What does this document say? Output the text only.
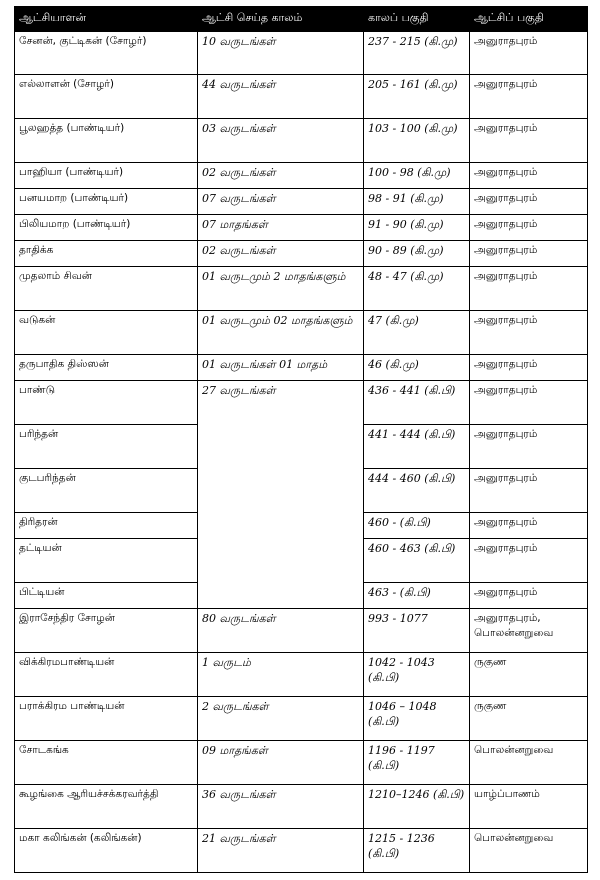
ஆட்சியாளன்	ஆட்சி செய்த காலம்	காலப் பகுதி	ஆட்சிப் பகுதி
சேனன், குட்டிகன் (சோழர்)	10 வருடங்கள்	237 - 215 (கி.மு)	அனுராதபுரம்
எல்லாளன் (சோழர்)	44 வருடங்கள்	205 - 161 (கி.மு)	அனுராதபுரம்
பூலஹத்த (பாண்டியர்)	03 வருடங்கள்	103 - 100 (கி.மு)	அனுராதபுரம்
பாஹியா (பாண்டியர்)	02 வருடங்கள்	100 - 98 (கி.மு)	அனுராதபுரம்
பனயமாற (பாண்டியர்)	07 வருடங்கள்	98 - 91 (கி.மு)	அனுராதபுரம்
பிலியமாற (பாண்டியர்)	07 மாதங்கள்	91 - 90 (கி.மு)	அனுராதபுரம்
தாதிக்க	02 வருடங்கள்	90 - 89 (கி.மு)	அனுராதபுரம்
முதலாம் சிவன்	01 வருடமும் 2 மாதங்களும்	48 - 47 (கி.மு)	அனுராதபுரம்
வடுகன்	01 வருடமும் 02 மாதங்களும்	47 (கி.மு)	அனுராதபுரம்
தருபாதிக திஸ்ஸன்	01 வருடங்கள் 01 மாதம்	46 (கி.மு)	அனுராதபுரம்
பாண்டு	27 வருடங்கள்	436 - 441 (கி.பி)	அனுராதபுரம்
பரிந்தன்		441 - 444 (கி.பி)	அனுராதபுரம்
குடபரிந்தன்		444 - 460 (கி.பி)	அனுராதபுரம்
திரிதரன்		460 - (கி.பி)	அனுராதபுரம்
தட்டியன்		460 - 463 (கி.பி)	அனுராதபுரம்
பிட்டியன்		463 - (கி.பி)	அனுராதபுரம்
இராசேந்திர சோழன்	80 வருடங்கள்	993 - 1077	அனுராதபுரம், பொலன்னறுவை
விக்கிரமபாண்டியன்	1 வருடம்	1042 - 1043 (கி.பி)	ருகுண
பராக்கிரம பாண்டியன்	2 வருடங்கள்	1046 – 1048 (கி.பி)	ருகுண
சோடகங்க	09 மாதங்கள்	1196 - 1197 (கி.பி)	பொலன்னறுவை
கூழங்கை ஆரியச்சக்கரவர்த்தி	36 வருடங்கள்	1210–1246 (கி.பி)	யாழ்ப்பாணம்
மகா கலிங்கன் (கலிங்கன்)	21 வருடங்கள்	1215 - 1236 (கி.பி)	பொலன்னறுவை
